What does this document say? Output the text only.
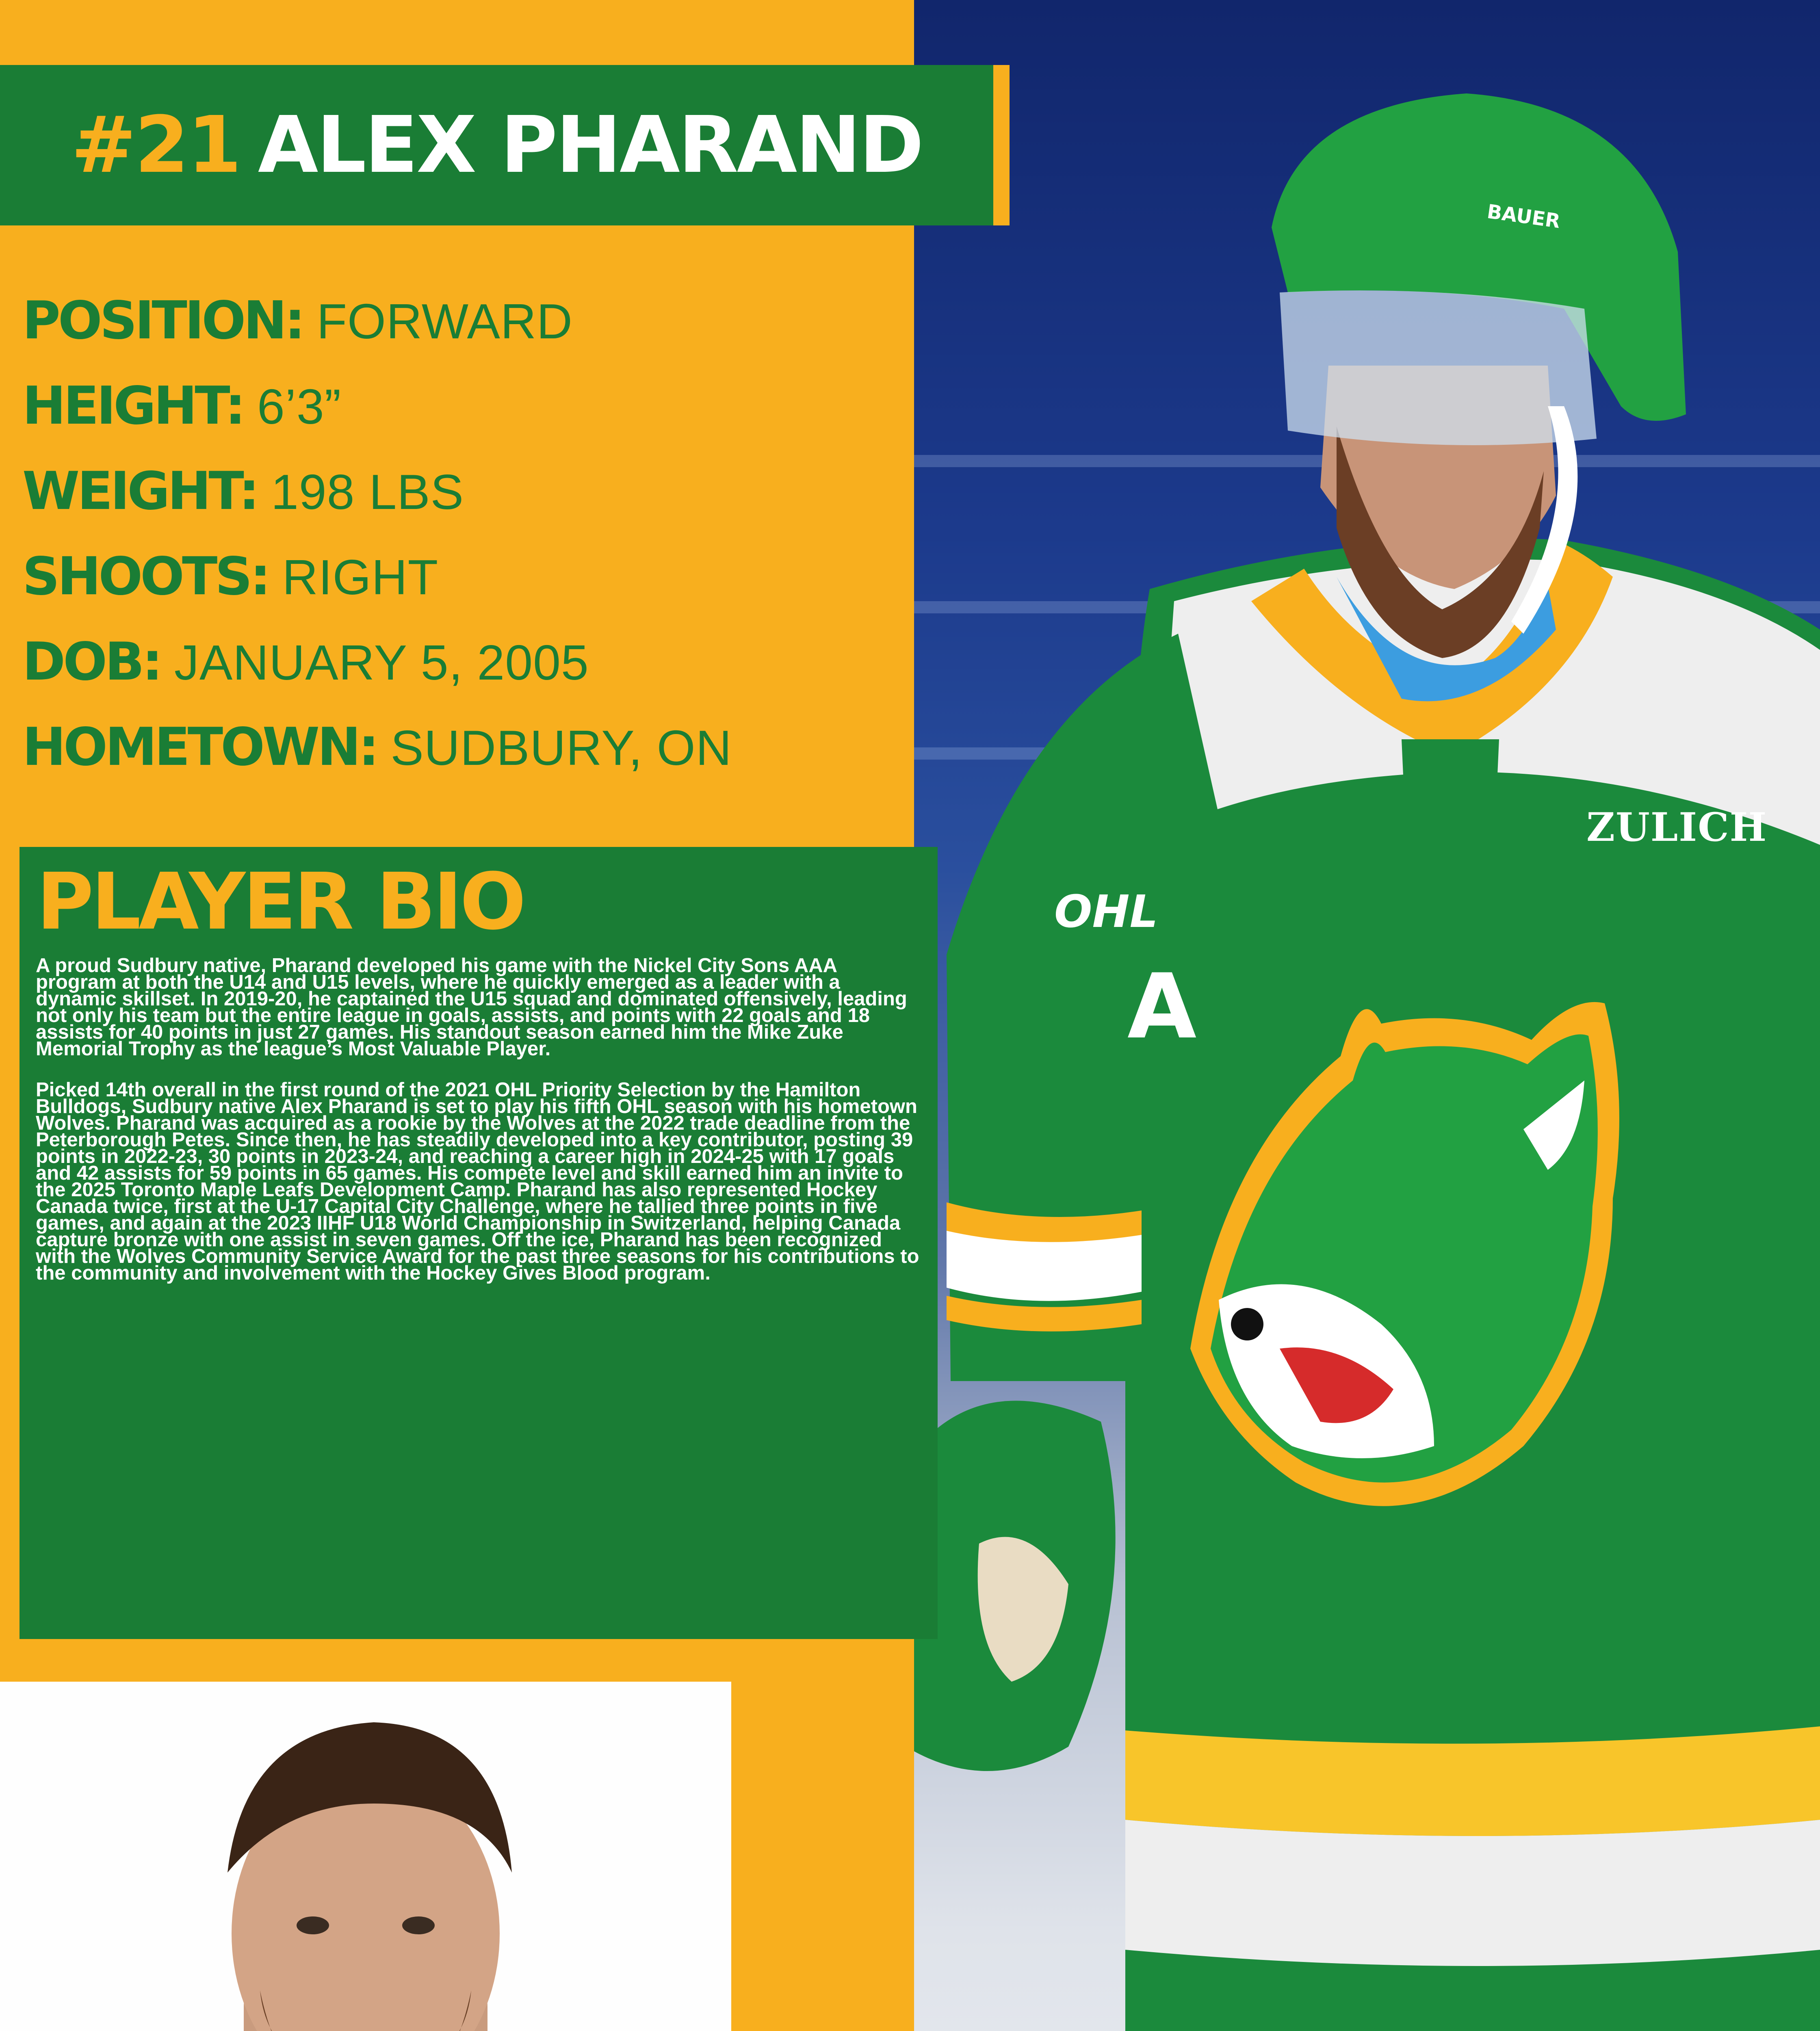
ZULICH
OHL
A
BAUER
#21 ALEX PHARAND
POSITION: FORWARD
HEIGHT: 6’3”
WEIGHT: 198 LBS
SHOOTS: RIGHT
DOB: JANUARY 5, 2005
HOMETOWN: SUDBURY, ON
PLAYER BIO

A proud Sudbury native, Pharand developed his game with the Nickel City Sons AAA program at both the U14 and U15 levels, where he quickly emerged as a leader with a dynamic skillset. In 2019-20, he captained the U15 squad and dominated offensively, leading not only his team but the entire league in goals, assists, and points with 22 goals and 18 assists for 40 points in just 27 games. His standout season earned him the Mike Zuke Memorial Trophy as the league’s Most Valuable Player.

Picked 14th overall in the first round of the 2021 OHL Priority Selection by the Hamilton Bulldogs, Sudbury native Alex Pharand is set to play his fifth OHL season with his hometown Wolves. Pharand was acquired as a rookie by the Wolves at the 2022 trade deadline from the Peterborough Petes. Since then, he has steadily developed into a key contributor, posting 39 points in 2022-23, 30 points in 2023-24, and reaching a career high in 2024-25 with 17 goals and 42 assists for 59 points in 65 games. His compete level and skill earned him an invite to the 2025 Toronto Maple Leafs Development Camp. Pharand has also represented Hockey Canada twice, first at the U-17 Capital City Challenge, where he tallied three points in five games, and again at the 2023 IIHF U18 World Championship in Switzerland, helping Canada capture bronze with one assist in seven games. Off the ice, Pharand has been recognized with the Wolves Community Service Award for the past three seasons for his contributions to the community and involvement with the Hockey Gives Blood program.
